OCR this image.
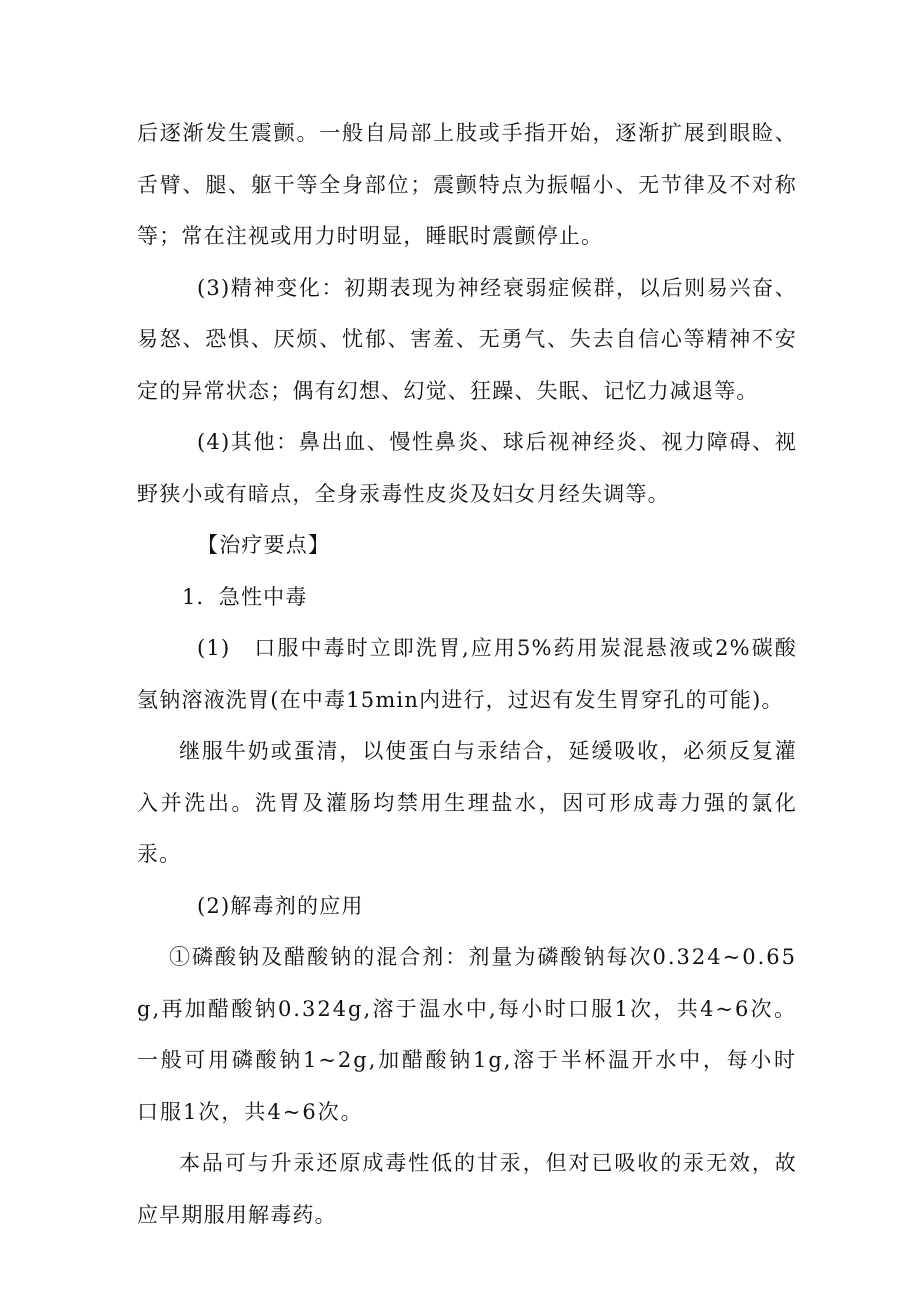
后逐渐发生震颤。一般自局部上肢或手指开始，逐渐扩展到眼睑、舌臂、腿、躯干等全身部位；震颤特点为振幅小、无节律及不对称等；常在注视或用力时明显，睡眠时震颤停止。

(3)精神变化：初期表现为神经衰弱症候群，以后则易兴奋、易怒、恐惧、厌烦、忧郁、害羞、无勇气、失去自信心等精神不安定的异常状态；偶有幻想、幻觉、狂躁、失眠、记忆力减退等。

(4)其他：鼻出血、慢性鼻炎、球后视神经炎、视力障碍、视野狭小或有暗点，全身汞毒性皮炎及妇女月经失调等。

【治疗要点】

1．急性中毒

(1)　口服中毒时立即洗胃,应用5%药用炭混悬液或2%碳酸氢钠溶液洗胃(在中毒15min内进行，过迟有发生胃穿孔的可能)。

继服牛奶或蛋清，以使蛋白与汞结合，延缓吸收，必须反复灌入并洗出。洗胃及灌肠均禁用生理盐水，因可形成毒力强的氯化汞。

(2)解毒剂的应用

①磷酸钠及醋酸钠的混合剂：剂量为磷酸钠每次0.324~0.65g,再加醋酸钠0.324g,溶于温水中,每小时口服1次，共4~6次。一般可用磷酸钠1~2g,加醋酸钠1g,溶于半杯温开水中，每小时口服1次，共4~6次。

本品可与升汞还原成毒性低的甘汞，但对已吸收的汞无效，故应早期服用解毒药。
